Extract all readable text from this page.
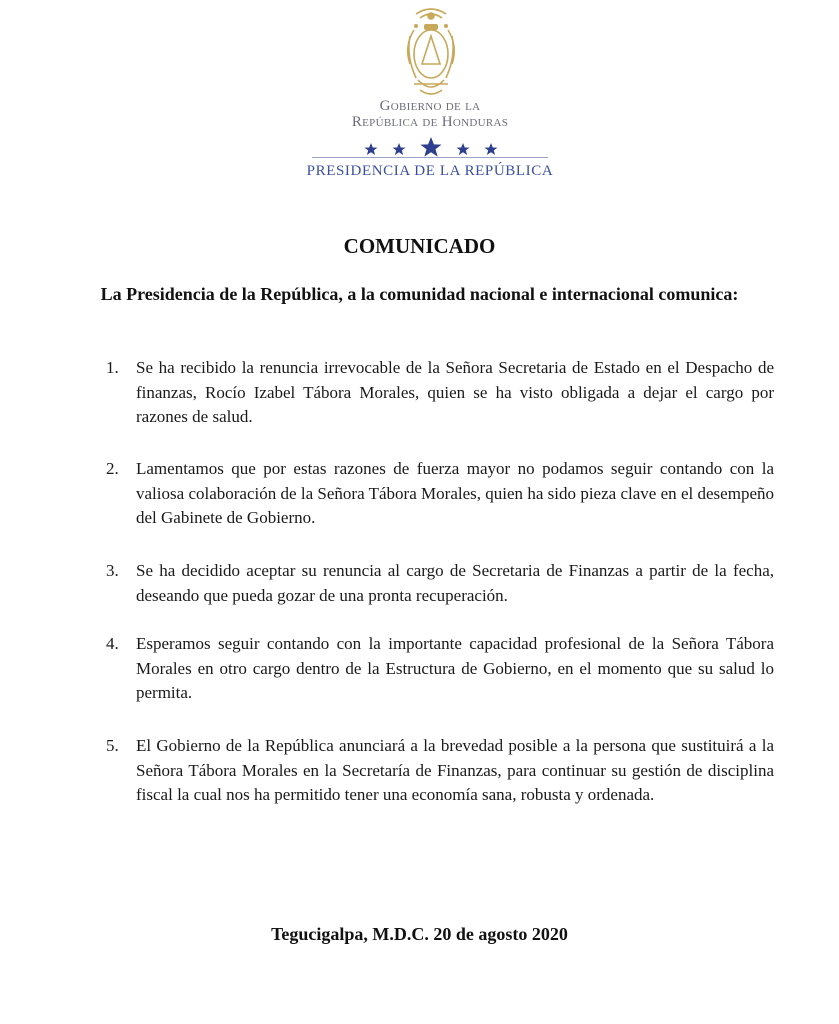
Gobierno de la
República de Honduras
PRESIDENCIA DE LA REPÚBLICA
COMUNICADO
La Presidencia de la República, a la comunidad nacional e internacional comunica:
1.	Se ha recibido la renuncia irrevocable de la Señora Secretaria de Estado en el Despacho de finanzas, Rocío Izabel Tábora Morales, quien se ha visto obligada a dejar el cargo por razones de salud.
2.	Lamentamos que por estas razones de fuerza mayor no podamos seguir contando con la valiosa colaboración de la Señora Tábora Morales, quien ha sido pieza clave en el desempeño del Gabinete de Gobierno.
3.	Se ha decidido aceptar su renuncia al cargo de Secretaria de Finanzas a partir de la fecha, deseando que pueda gozar de una pronta recuperación.
4.	Esperamos seguir contando con la importante capacidad profesional de la Señora Tábora Morales en otro cargo dentro de la Estructura de Gobierno, en el momento que su salud lo permita.
5.	El Gobierno de la República anunciará a la brevedad posible a la persona que sustituirá a la Señora Tábora Morales en la Secretaría de Finanzas, para continuar su gestión de disciplina fiscal la cual nos ha permitido tener una economía sana, robusta y ordenada.
Tegucigalpa, M.D.C. 20 de agosto 2020
